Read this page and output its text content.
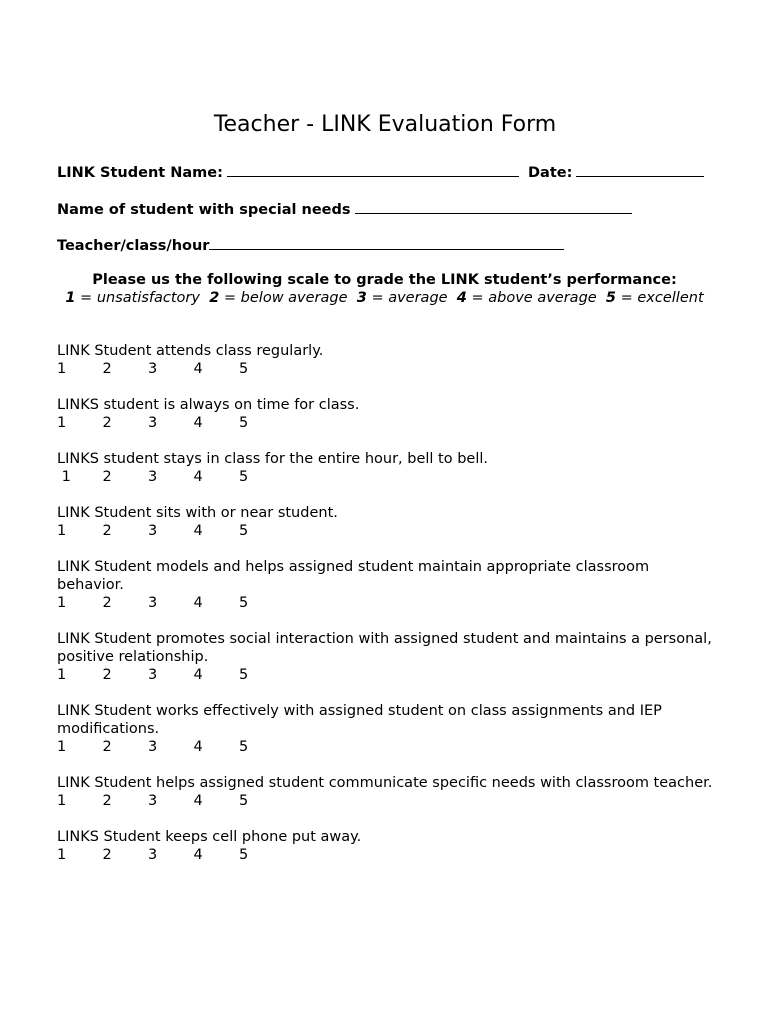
Teacher - LINK Evaluation Form
LINK Student Name:	Date:
Name of student with special needs
Teacher/class/hour
Please us the following scale to grade the LINK student’s performance:
1 = unsatisfactory  2 = below average  3 = average  4 = above average  5 = excellent
LINK Student attends class regularly.
1	2	3	4	5
LINKS student is always on time for class.
1	2	3	4	5
LINKS student stays in class for the entire hour, bell to bell.
1	2	3	4	5
LINK Student sits with or near student.
1	2	3	4	5
LINK Student models and helps assigned student maintain appropriate classroom behavior.
1	2	3	4	5
LINK Student promotes social interaction with assigned student and maintains a personal, positive relationship.
1	2	3	4	5
LINK Student works effectively with assigned student on class assignments and IEP modifications.
1	2	3	4	5
LINK Student helps assigned student communicate specific needs with classroom teacher.
1	2	3	4	5
LINKS Student keeps cell phone put away.
1	2	3	4	5
